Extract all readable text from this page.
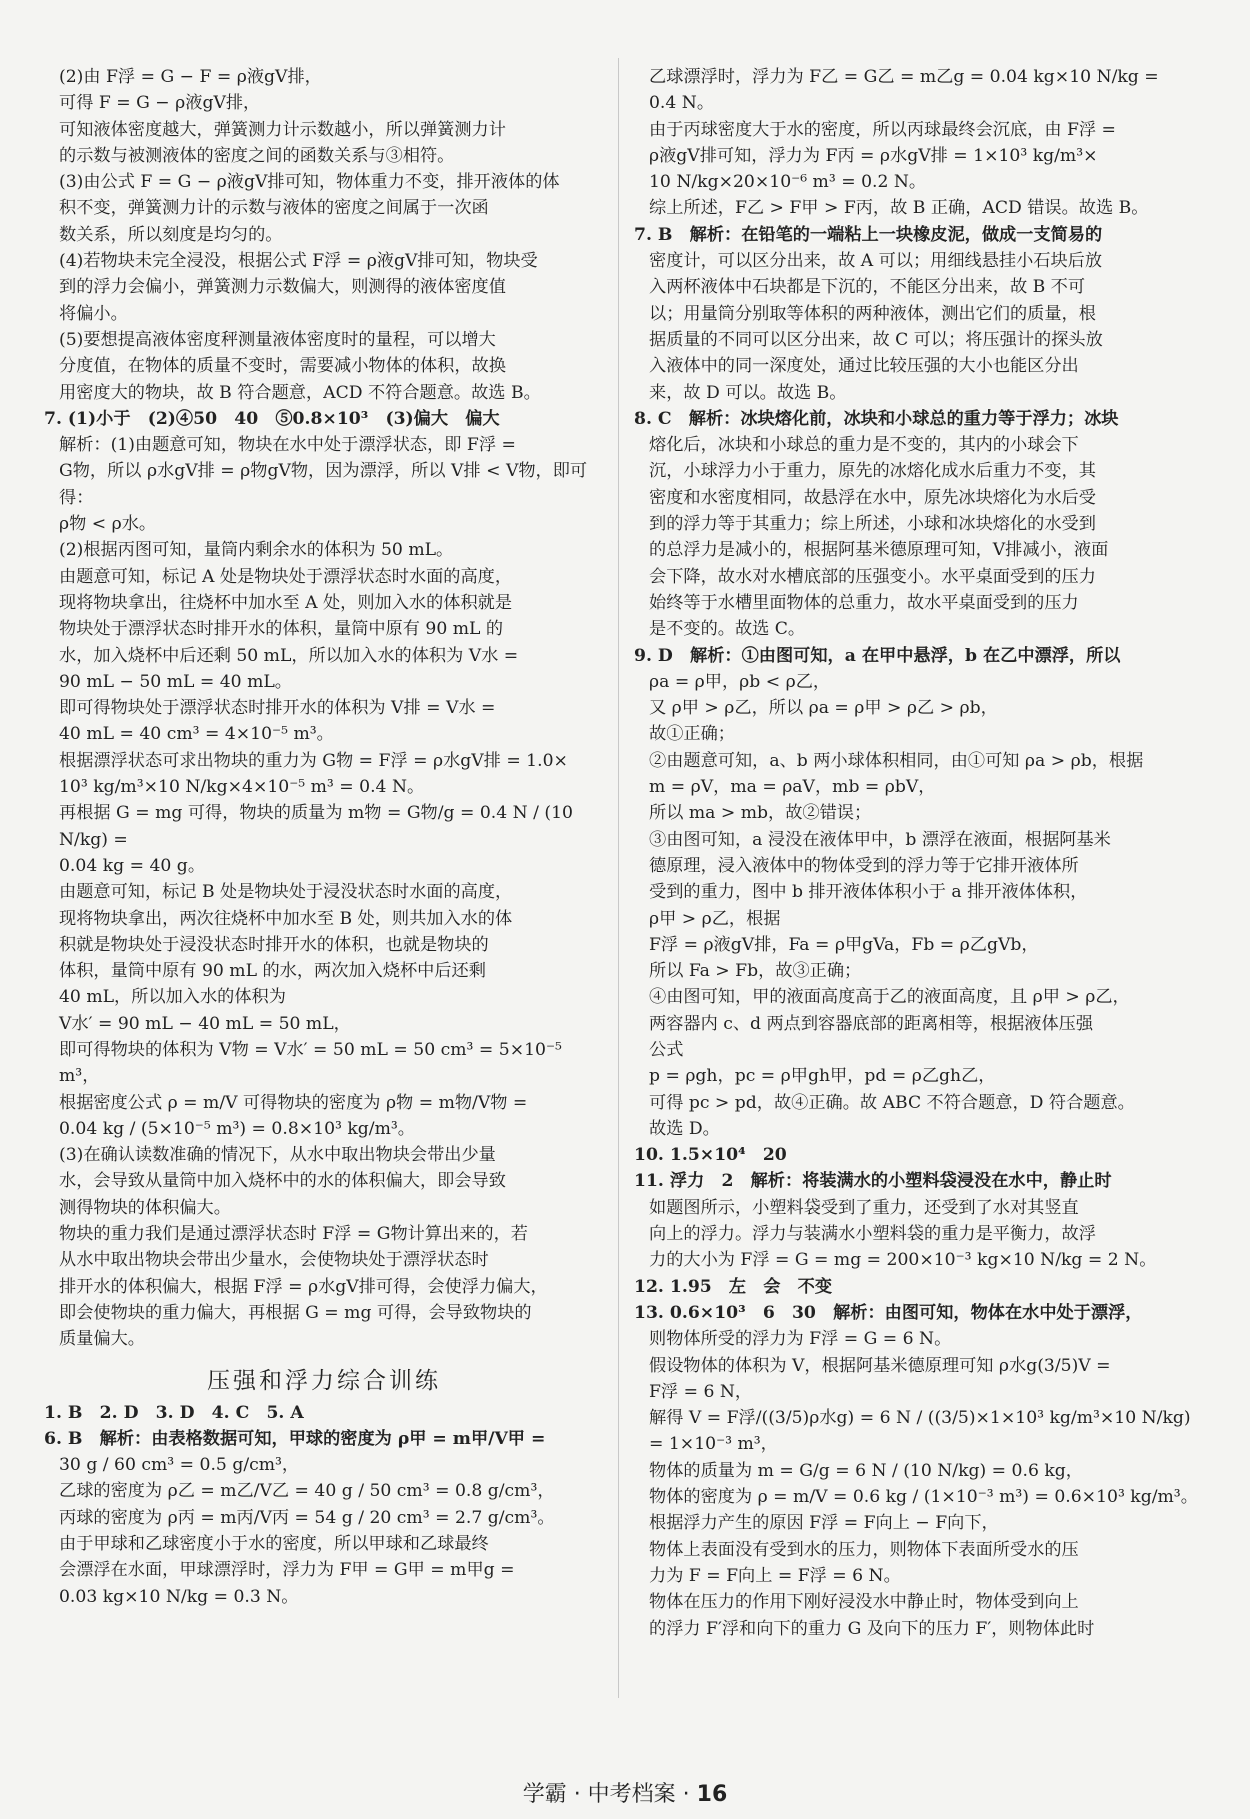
(2)由 F浮 = G − F = ρ液gV排，

可得 F = G − ρ液gV排，

可知液体密度越大，弹簧测力计示数越小，所以弹簧测力计

的示数与被测液体的密度之间的函数关系与③相符。

(3)由公式 F = G − ρ液gV排可知，物体重力不变，排开液体的体

积不变，弹簧测力计的示数与液体的密度之间属于一次函

数关系，所以刻度是均匀的。

(4)若物块未完全浸没，根据公式 F浮 = ρ液gV排可知，物块受

到的浮力会偏小，弹簧测力示数偏大，则测得的液体密度值

将偏小。

(5)要想提高液体密度秤测量液体密度时的量程，可以增大

分度值，在物体的质量不变时，需要减小物体的体积，故换

用密度大的物块，故 B 符合题意，ACD 不符合题意。故选 B。

7. (1)小于　(2)④50　40　⑤0.8×10³　(3)偏大　偏大

解析：(1)由题意可知，物块在水中处于漂浮状态，即 F浮 =

G物，所以 ρ水gV排 = ρ物gV物，因为漂浮，所以 V排 < V物，即可得：

ρ物 < ρ水。

(2)根据丙图可知，量筒内剩余水的体积为 50 mL。

由题意可知，标记 A 处是物块处于漂浮状态时水面的高度，

现将物块拿出，往烧杯中加水至 A 处，则加入水的体积就是

物块处于漂浮状态时排开水的体积，量筒中原有 90 mL 的

水，加入烧杯中后还剩 50 mL，所以加入水的体积为 V水 =

90 mL − 50 mL = 40 mL。

即可得物块处于漂浮状态时排开水的体积为 V排 = V水 =

40 mL = 40 cm³ = 4×10⁻⁵ m³。

根据漂浮状态可求出物块的重力为 G物 = F浮 = ρ水gV排 = 1.0×

10³ kg/m³×10 N/kg×4×10⁻⁵ m³ = 0.4 N。

再根据 G = mg 可得，物块的质量为 m物 = G物/g = 0.4 N / (10 N/kg) =

0.04 kg = 40 g。

由题意可知，标记 B 处是物块处于浸没状态时水面的高度，

现将物块拿出，两次往烧杯中加水至 B 处，则共加入水的体

积就是物块处于浸没状态时排开水的体积，也就是物块的

体积，量筒中原有 90 mL 的水，两次加入烧杯中后还剩

40 mL，所以加入水的体积为

V水′ = 90 mL − 40 mL = 50 mL，

即可得物块的体积为 V物 = V水′ = 50 mL = 50 cm³ = 5×10⁻⁵ m³，

根据密度公式 ρ = m/V 可得物块的密度为 ρ物 = m物/V物 =

0.04 kg / (5×10⁻⁵ m³) = 0.8×10³ kg/m³。

(3)在确认读数准确的情况下，从水中取出物块会带出少量

水，会导致从量筒中加入烧杯中的水的体积偏大，即会导致

测得物块的体积偏大。

物块的重力我们是通过漂浮状态时 F浮 = G物计算出来的，若

从水中取出物块会带出少量水，会使物块处于漂浮状态时

排开水的体积偏大，根据 F浮 = ρ水gV排可得，会使浮力偏大，

即会使物块的重力偏大，再根据 G = mg 可得，会导致物块的

质量偏大。

压强和浮力综合训练

1. B　2. D　3. D　4. C　5. A

6. B　解析：由表格数据可知，甲球的密度为 ρ甲 = m甲/V甲 =

30 g / 60 cm³ = 0.5 g/cm³，

乙球的密度为 ρ乙 = m乙/V乙 = 40 g / 50 cm³ = 0.8 g/cm³，

丙球的密度为 ρ丙 = m丙/V丙 = 54 g / 20 cm³ = 2.7 g/cm³。

由于甲球和乙球密度小于水的密度，所以甲球和乙球最终

会漂浮在水面，甲球漂浮时，浮力为 F甲 = G甲 = m甲g =

0.03 kg×10 N/kg = 0.3 N。

乙球漂浮时，浮力为 F乙 = G乙 = m乙g = 0.04 kg×10 N/kg =

0.4 N。

由于丙球密度大于水的密度，所以丙球最终会沉底，由 F浮 =

ρ液gV排可知，浮力为 F丙 = ρ水gV排 = 1×10³ kg/m³×

10 N/kg×20×10⁻⁶ m³ = 0.2 N。

综上所述，F乙 > F甲 > F丙，故 B 正确，ACD 错误。故选 B。

7. B　解析：在铅笔的一端粘上一块橡皮泥，做成一支简易的

密度计，可以区分出来，故 A 可以；用细线悬挂小石块后放

入两杯液体中石块都是下沉的，不能区分出来，故 B 不可

以；用量筒分别取等体积的两种液体，测出它们的质量，根

据质量的不同可以区分出来，故 C 可以；将压强计的探头放

入液体中的同一深度处，通过比较压强的大小也能区分出

来，故 D 可以。故选 B。

8. C　解析：冰块熔化前，冰块和小球总的重力等于浮力；冰块

熔化后，冰块和小球总的重力是不变的，其内的小球会下

沉，小球浮力小于重力，原先的冰熔化成水后重力不变，其

密度和水密度相同，故悬浮在水中，原先冰块熔化为水后受

到的浮力等于其重力；综上所述，小球和冰块熔化的水受到

的总浮力是减小的，根据阿基米德原理可知，V排减小，液面

会下降，故水对水槽底部的压强变小。水平桌面受到的压力

始终等于水槽里面物体的总重力，故水平桌面受到的压力

是不变的。故选 C。

9. D　解析：①由图可知，a 在甲中悬浮，b 在乙中漂浮，所以

ρa = ρ甲，ρb < ρ乙，

又 ρ甲 > ρ乙，所以 ρa = ρ甲 > ρ乙 > ρb，

故①正确；

②由题意可知，a、b 两小球体积相同，由①可知 ρa > ρb，根据

m = ρV，ma = ρaV，mb = ρbV，

所以 ma > mb，故②错误；

③由图可知，a 浸没在液体甲中，b 漂浮在液面，根据阿基米

德原理，浸入液体中的物体受到的浮力等于它排开液体所

受到的重力，图中 b 排开液体体积小于 a 排开液体体积，

ρ甲 > ρ乙，根据

F浮 = ρ液gV排，Fa = ρ甲gVa，Fb = ρ乙gVb，

所以 Fa > Fb，故③正确；

④由图可知，甲的液面高度高于乙的液面高度，且 ρ甲 > ρ乙，

两容器内 c、d 两点到容器底部的距离相等，根据液体压强

公式

p = ρgh，pc = ρ甲gh甲，pd = ρ乙gh乙，

可得 pc > pd，故④正确。故 ABC 不符合题意，D 符合题意。

故选 D。

10. 1.5×10⁴　20

11. 浮力　2　解析：将装满水的小塑料袋浸没在水中，静止时

如题图所示，小塑料袋受到了重力，还受到了水对其竖直

向上的浮力。浮力与装满水小塑料袋的重力是平衡力，故浮

力的大小为 F浮 = G = mg = 200×10⁻³ kg×10 N/kg = 2 N。

12. 1.95　左　会　不变

13. 0.6×10³　6　30　解析：由图可知，物体在水中处于漂浮，

则物体所受的浮力为 F浮 = G = 6 N。

假设物体的体积为 V，根据阿基米德原理可知 ρ水g(3/5)V =

F浮 = 6 N，

解得 V = F浮/((3/5)ρ水g) = 6 N / ((3/5)×1×10³ kg/m³×10 N/kg) = 1×10⁻³ m³，

物体的质量为 m = G/g = 6 N / (10 N/kg) = 0.6 kg，

物体的密度为 ρ = m/V = 0.6 kg / (1×10⁻³ m³) = 0.6×10³ kg/m³。

根据浮力产生的原因 F浮 = F向上 − F向下，

物体上表面没有受到水的压力，则物体下表面所受水的压

力为 F = F向上 = F浮 = 6 N。

物体在压力的作用下刚好浸没水中静止时，物体受到向上

的浮力 F′浮和向下的重力 G 及向下的压力 F′，则物体此时

学霸 · 中考档案 · 16
